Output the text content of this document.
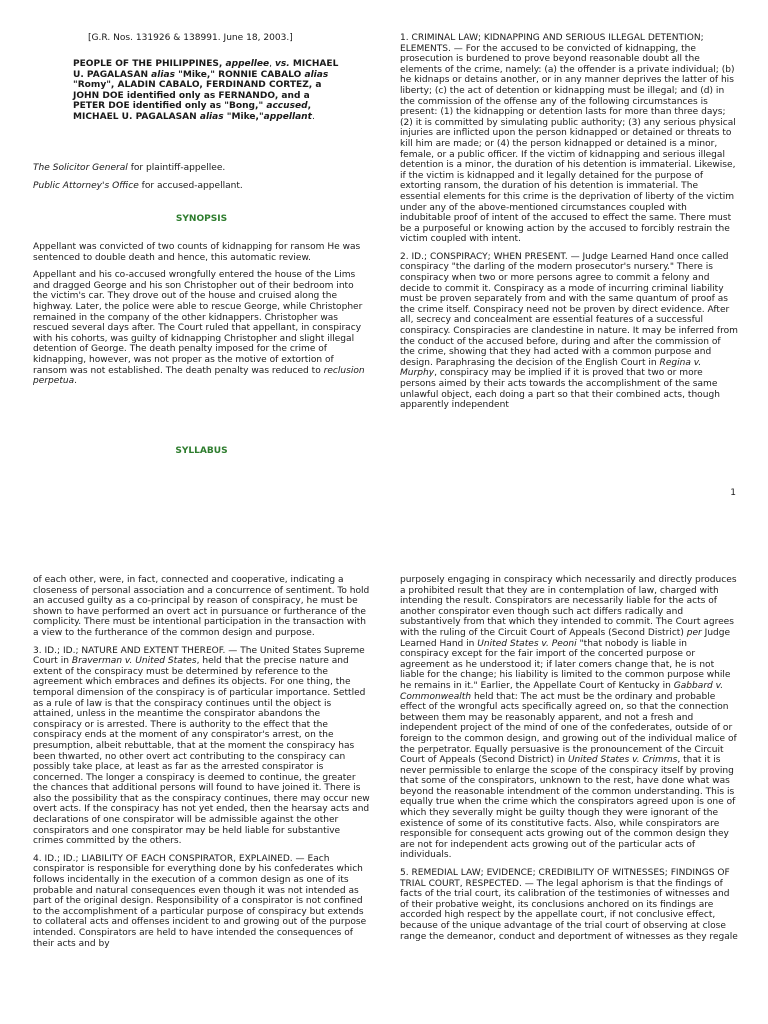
[G.R. Nos. 131926 & 138991. June 18, 2003.]
PEOPLE OF THE PHILIPPINES, appellee, vs. MICHAEL U. PAGALASAN alias "Mike," RONNIE CABALO alias "Romy", ALADIN CABALO, FERDINAND CORTEZ, a JOHN DOE identified only as FERNANDO, and a PETER DOE identified only as "Bong," accused, MICHAEL U. PAGALASAN alias "Mike,"appellant.

The Solicitor General for plaintiff-appellee.

Public Attorney's Office for accused-appellant.

SYNOPSIS

Appellant was convicted of two counts of kidnapping for ransom He was sentenced to double death and hence, this automatic review.

Appellant and his co-accused wrongfully entered the house of the Lims and dragged George and his son Christopher out of their bedroom into the victim's car. They drove out of the house and cruised along the highway. Later, the police were able to rescue George, while Christopher remained in the company of the other kidnappers. Christopher was rescued several days after. The Court ruled that appellant, in conspiracy with his cohorts, was guilty of kidnapping Christopher and slight illegal detention of George. The death penalty imposed for the crime of kidnapping, however, was not proper as the motive of extortion of ransom was not established. The death penalty was reduced to reclusion perpetua.

SYLLABUS

1. CRIMINAL LAW; KIDNAPPING AND SERIOUS ILLEGAL DETENTION; ELEMENTS. — For the accused to be convicted of kidnapping, the prosecution is burdened to prove beyond reasonable doubt all the elements of the crime, namely: (a) the offender is a private individual; (b) he kidnaps or detains another, or in any manner deprives the latter of his liberty; (c) the act of detention or kidnapping must be illegal; and (d) in the commission of the offense any of the following circumstances is present: (1) the kidnapping or detention lasts for more than three days; (2) it is committed by simulating public authority; (3) any serious physical injuries are inflicted upon the person kidnapped or detained or threats to kill him are made; or (4) the person kidnapped or detained is a minor, female, or a public officer. If the victim of kidnapping and serious illegal detention is a minor, the duration of his detention is immaterial. Likewise, if the victim is kidnapped and it legally detained for the purpose of extorting ransom, the duration of his detention is immaterial. The essential elements for this crime is the deprivation of liberty of the victim under any of the above-mentioned circumstances coupled with indubitable proof of intent of the accused to effect the same. There must be a purposeful or knowing action by the accused to forcibly restrain the victim coupled with intent.

2. ID.; CONSPIRACY; WHEN PRESENT. — Judge Learned Hand once called conspiracy "the darling of the modern prosecutor's nursery." There is conspiracy when two or more persons agree to commit a felony and decide to commit it. Conspiracy as a mode of incurring criminal liability must be proven separately from and with the same quantum of proof as the crime itself. Conspiracy need not be proven by direct evidence. After all, secrecy and concealment are essential features of a successful conspiracy. Conspiracies are clandestine in nature. It may be inferred from the conduct of the accused before, during and after the commission of the crime, showing that they had acted with a common purpose and design. Paraphrasing the decision of the English Court in Regina v. Murphy, conspiracy may be implied if it is proved that two or more persons aimed by their acts towards the accomplishment of the same unlawful object, each doing a part so that their combined acts, though apparently independent

1

of each other, were, in fact, connected and cooperative, indicating a closeness of personal association and a concurrence of sentiment. To hold an accused guilty as a co-principal by reason of conspiracy, he must be shown to have performed an overt act in pursuance or furtherance of the complicity. There must be intentional participation in the transaction with a view to the furtherance of the common design and purpose.

3. ID.; ID.; NATURE AND EXTENT THEREOF. — The United States Supreme Court in Braverman v. United States, held that the precise nature and extent of the conspiracy must be determined by reference to the agreement which embraces and defines its objects. For one thing, the temporal dimension of the conspiracy is of particular importance. Settled as a rule of law is that the conspiracy continues until the object is attained, unless in the meantime the conspirator abandons the conspiracy or is arrested. There is authority to the effect that the conspiracy ends at the moment of any conspirator's arrest, on the presumption, albeit rebuttable, that at the moment the conspiracy has been thwarted, no other overt act contributing to the conspiracy can possibly take place, at least as far as the arrested conspirator is concerned. The longer a conspiracy is deemed to continue, the greater the chances that additional persons will found to have joined it. There is also the possibility that as the conspiracy continues, there may occur new overt acts. If the conspiracy has not yet ended, then the hearsay acts and declarations of one conspirator will be admissible against the other conspirators and one conspirator may be held liable for substantive crimes committed by the others.

4. ID.; ID.; LIABILITY OF EACH CONSPIRATOR, EXPLAINED. — Each conspirator is responsible for everything done by his confederates which follows incidentally in the execution of a common design as one of its probable and natural consequences even though it was not intended as part of the original design. Responsibility of a conspirator is not confined to the accomplishment of a particular purpose of conspiracy but extends to collateral acts and offenses incident to and growing out of the purpose intended. Conspirators are held to have intended the consequences of their acts and by

purposely engaging in conspiracy which necessarily and directly produces a prohibited result that they are in contemplation of law, charged with intending the result. Conspirators are necessarily liable for the acts of another conspirator even though such act differs radically and substantively from that which they intended to commit. The Court agrees with the ruling of the Circuit Court of Appeals (Second District) per Judge Learned Hand in United States v. Peoni "that nobody is liable in conspiracy except for the fair import of the concerted purpose or agreement as he understood it; if later comers change that, he is not liable for the change; his liability is limited to the common purpose while he remains in it." Earlier, the Appellate Court of Kentucky in Gabbard v. Commonwealth held that: The act must be the ordinary and probable effect of the wrongful acts specifically agreed on, so that the connection between them may be reasonably apparent, and not a fresh and independent project of the mind of one of the confederates, outside of or foreign to the common design, and growing out of the individual malice of the perpetrator. Equally persuasive is the pronouncement of the Circuit Court of Appeals (Second District) in United States v. Crimms, that it is never permissible to enlarge the scope of the conspiracy itself by proving that some of the conspirators, unknown to the rest, have done what was beyond the reasonable intendment of the common understanding. This is equally true when the crime which the conspirators agreed upon is one of which they severally might be guilty though they were ignorant of the existence of some of its constitutive facts. Also, while conspirators are responsible for consequent acts growing out of the common design they are not for independent acts growing out of the particular acts of individuals.

5. REMEDIAL LAW; EVIDENCE; CREDIBILITY OF WITNESSES; FINDINGS OF TRIAL COURT, RESPECTED. — The legal aphorism is that the findings of facts of the trial court, its calibration of the testimonies of witnesses and of their probative weight, its conclusions anchored on its findings are accorded high respect by the appellate court, if not conclusive effect, because of the unique advantage of the trial court of observing at close range the demeanor, conduct and deportment of witnesses as they regale
